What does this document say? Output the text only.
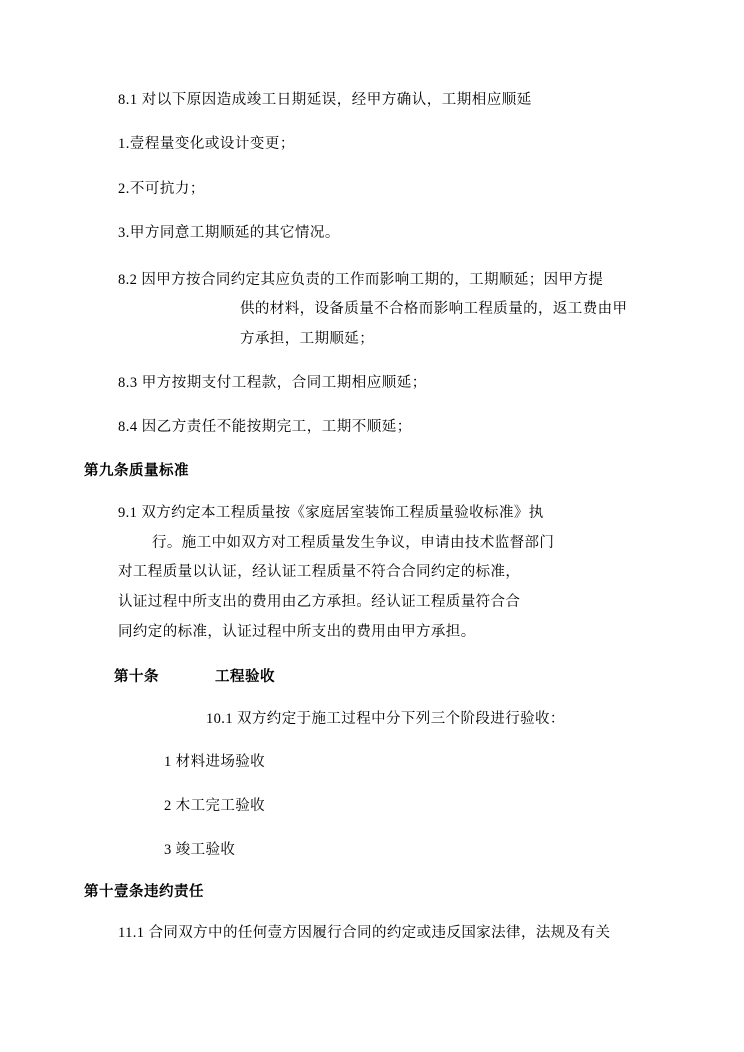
8.1 对以下原因造成竣工日期延误，经甲方确认，工期相应顺延

1.壹程量变化或设计变更；

2.不可抗力；

3.甲方同意工期顺延的其它情况。

8.2 因甲方按合同约定其应负责的工作而影响工期的，工期顺延；因甲方提
供的材料，设备质量不合格而影响工程质量的，返工费由甲
方承担，工期顺延；

8.3 甲方按期支付工程款，合同工期相应顺延；

8.4 因乙方责任不能按期完工，工期不顺延；

第九条质量标准
9.1 双方约定本工程质量按《家庭居室装饰工程质量验收标准》执
行。施工中如双方对工程质量发生争议，申请由技术监督部门
对工程质量以认证，经认证工程质量不符合合同约定的标准，
认证过程中所支出的费用由乙方承担。经认证工程质量符合合
同约定的标准，认证过程中所支出的费用由甲方承担。
第十条	工程验收
10.1 双方约定于施工过程中分下列三个阶段进行验收：
1 材料进场验收
2 木工完工验收
3 竣工验收
第十壹条违约责任
11.1 合同双方中的任何壹方因履行合同的约定或违反国家法律，法规及有关
